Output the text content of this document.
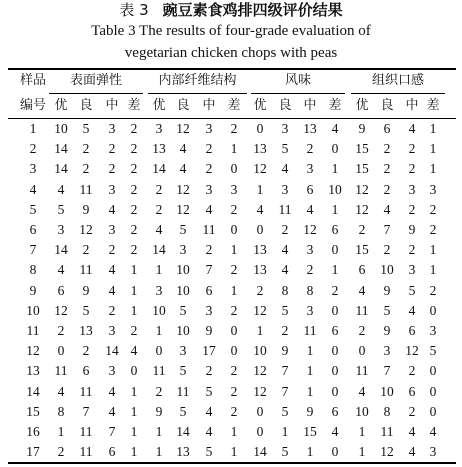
表 3 豌豆素食鸡排四级评价结果
Table 3 The results of four-grade evaluation of
vegetarian chicken chops with peas
样品
编号
表面弹性	内部纤维结构	风味	组织口感
优 良 中 差 优 良 中 差 优 良 中 差	优 良 中 差
1	10	5	3	2	3	12	3	2	0	3	13	4	9	6	4	1
2	14	2	2	2	13	4	2	1	13	5	2	0	15	2	2	1
3	14	2	2	2	14	4	2	0	12	4	3	1	15	2	2	1
4	4	11	3	2	2	12	3	3	1	3	6	10	12	2	3	3
5	5	9	4	2	2	12	4	2	4	11	4	1	12	4	2	2
6	3	12	3	2	4	5	11	0	0	2	12	6	2	7	9	2
7	14	2	2	2	14	3	2	1	13	4	3	0	15	2	2	1
8	4	11	4	1	1	10	7	2	13	4	2	1	6	10	3	1
9	6	9	4	1	3	10	6	1	2	8	8	2	4	9	5	2
10	12	5	2	1	10	5	3	2	12	5	3	0	11	5	4	0
11	2	13	3	2	1	10	9	0	1	2	11	6	2	9	6	3
12	0	2	14 4	0	3	17	0	10	9	1	0	0	3	12 5
13	11	6	3	0	11	5	2	2	12	7	1	0	11	7	2	0
14	4	11	4	1	2	11	5	2	12	7	1	0	4	10	6	0
15	8	7	4	1	9	5	4	2	0	5	9	6	10	8	2	0
16	1	11	7	1	1	14	4	1	0	1	15	4	1	11	4	4
17	2	11	6	1	1	13	5	1	14	5	1	0	1	12	4	3
